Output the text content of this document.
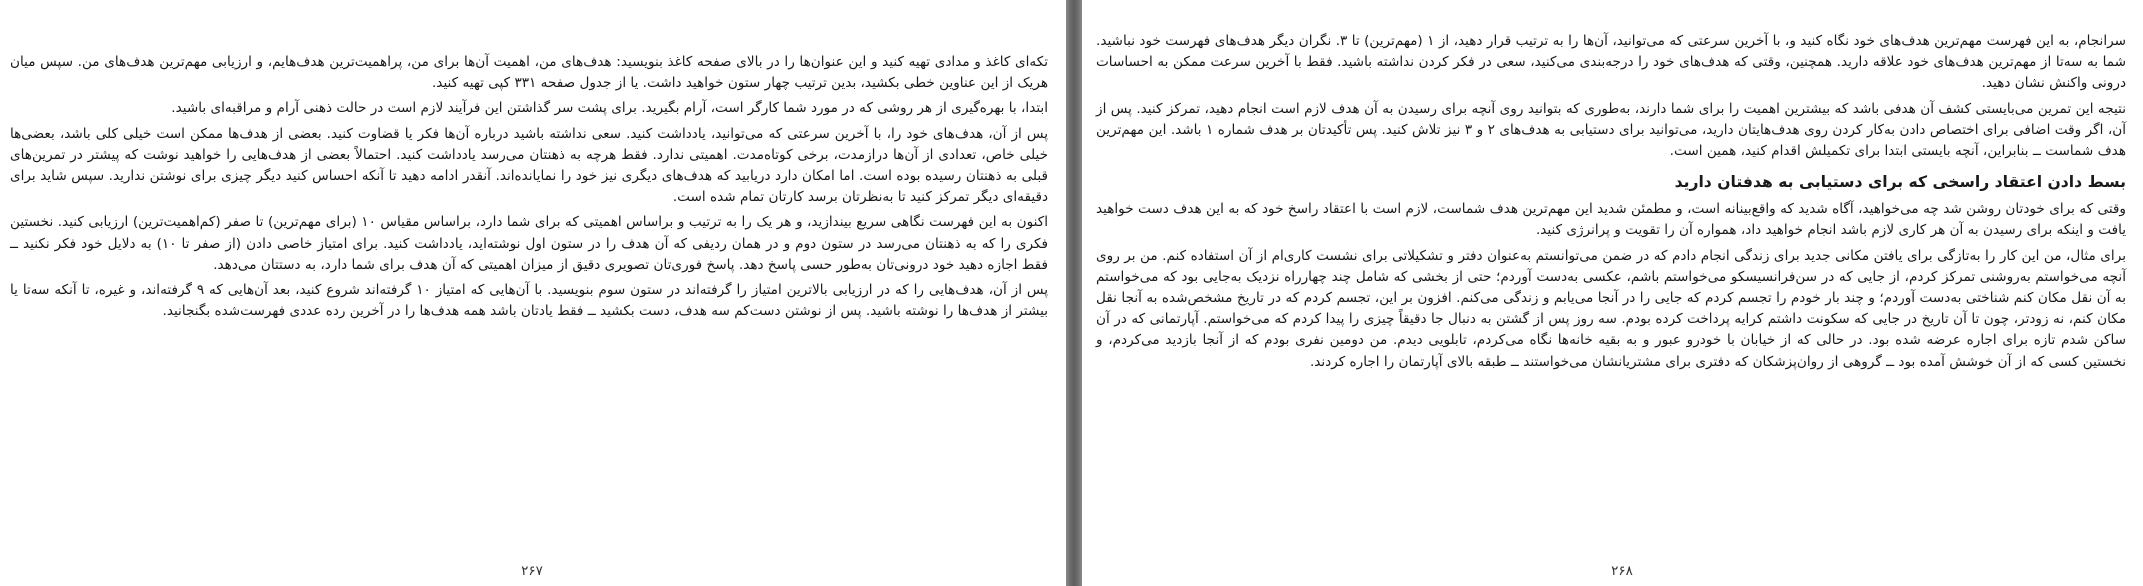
تکه‌ای کاغذ و مدادی تهیه کنید و این عنوان‌ها را در بالای صفحه کاغذ بنویسید: هدف‌های من، اهمیت آن‌ها برای من، پراهمیت‌ترین هدف‌هایم، و ارزیابی مهم‌ترین هدف‌های من. سپس میان هریک از این عناوین خطی بکشید، بدین ترتیب چهار ستون خواهید داشت. یا از جدول صفحه ۳۳۱ کپی تهیه کنید.

ابتدا، با بهره‌گیری از هر روشی که در مورد شما کارگر است، آرام بگیرید. برای پشت سر گذاشتن این فرآیند لازم است در حالت ذهنی آرام و مراقبه‌ای باشید.

پس از آن، هدف‌های خود را، با آخرین سرعتی که می‌توانید، یادداشت کنید. سعی نداشته باشید درباره آن‌ها فکر یا قضاوت کنید. بعضی از هدف‌ها ممکن است خیلی کلی باشد، بعضی‌ها خیلی خاص، تعدادی از آن‌ها درازمدت، برخی کوتاه‌مدت. اهمیتی ندارد. فقط هرچه به ذهنتان می‌رسد یادداشت کنید. احتمالاً بعضی از هدف‌هایی را خواهید نوشت که پیشتر در تمرین‌های قبلی به ذهنتان رسیده بوده است. اما امکان دارد دریابید که هدف‌های دیگری نیز خود را نمایانده‌اند. آنقدر ادامه دهید تا آنکه احساس کنید دیگر چیزی برای نوشتن ندارید. سپس شاید برای دقیقه‌ای دیگر تمرکز کنید تا به‌نظرتان برسد کارتان تمام شده است.

اکنون به این فهرست نگاهی سریع بیندازید، و هر یک را به ترتیب و براساس اهمیتی که برای شما دارد، براساس مقیاس ۱۰ (برای مهم‌ترین) تا صفر (کم‌اهمیت‌ترین) ارزیابی کنید. نخستین فکری را که به ذهنتان می‌رسد در ستون دوم و در همان ردیفی که آن هدف را در ستون اول نوشته‌اید، یادداشت کنید. برای امتیاز خاصی دادن (از صفر تا ۱۰) به دلایل خود فکر نکنید ــ فقط اجازه دهید خود درونی‌تان به‌طور حسی پاسخ دهد. پاسخ فوری‌تان تصویری دقیق از میزان اهمیتی که آن هدف برای شما دارد، به دستتان می‌دهد.

پس از آن، هدف‌هایی را که در ارزیابی بالاترین امتیاز را گرفته‌اند در ستون سوم بنویسید. با آن‌هایی که امتیاز ۱۰ گرفته‌اند شروع کنید، بعد آن‌هایی که ۹ گرفته‌اند، و غیره، تا آنکه سه‌تا یا بیشتر از هدف‌ها را نوشته باشید. پس از نوشتن دست‌کم سه هدف، دست بکشید ــ فقط یادتان باشد همه هدف‌ها را در آخرین رده عددی فهرست‌شده بگنجانید.

۲۶۷

سرانجام، به این فهرست مهم‌ترین هدف‌های خود نگاه کنید و، با آخرین سرعتی که می‌توانید، آن‌ها را به ترتیب قرار دهید، از ۱ (مهم‌ترین) تا ۳. نگران دیگر هدف‌های فهرست خود نباشید. شما به سه‌تا از مهم‌ترین هدف‌های خود علاقه دارید. همچنین، وقتی که هدف‌های خود را درجه‌بندی می‌کنید، سعی در فکر کردن نداشته باشید. فقط با آخرین سرعت ممکن به احساسات درونی واکنش نشان دهید.

نتیجه این تمرین می‌بایستی کشف آن هدفی باشد که بیشترین اهمیت را برای شما دارند، به‌طوری که بتوانید روی آنچه برای رسیدن به آن هدف لازم است انجام دهید، تمرکز کنید. پس از آن، اگر وقت اضافی برای اختصاص دادن به‌کار کردن روی هدف‌هایتان دارید، می‌توانید برای دستیابی به هدف‌های ۲ و ۳ نیز تلاش کنید. پس تأکیدتان بر هدف شماره ۱ باشد. این مهم‌ترین هدف شماست ــ بنابراین، آنچه بایستی ابتدا برای تکمیلش اقدام کنید، همین است.

بسط دادن اعتقاد راسخی که برای دستیابی به هدفتان دارید

وقتی که برای خودتان روشن شد چه می‌خواهید، آگاه شدید که واقع‌بینانه است، و مطمئن شدید این مهم‌ترین هدف شماست، لازم است با اعتقاد راسخ خود که به این هدف دست خواهید یافت و اینکه برای رسیدن به آن هر کاری لازم باشد انجام خواهید داد، همواره آن را تقویت و پرانرژی کنید.

برای مثال، من این کار را به‌تازگی برای یافتن مکانی جدید برای زندگی انجام دادم که در ضمن می‌توانستم به‌عنوان دفتر و تشکیلاتی برای نشست کاری‌ام از آن استفاده کنم. من بر روی آنچه می‌خواستم به‌روشنی تمرکز کردم، از جایی که در سن‌فرانسیسکو می‌خواستم باشم، عکسی به‌دست آوردم؛ حتی از بخشی که شامل چند چهارراه نزدیک به‌جایی بود که می‌خواستم به آن نقل مکان کنم شناختی به‌دست آوردم؛ و چند بار خودم را تجسم کردم که جایی را در آنجا می‌یابم و زندگی می‌کنم. افزون بر این، تجسم کردم که در تاریخ مشخص‌شده به آنجا نقل مکان کنم، نه زودتر، چون تا آن تاریخ در جایی که سکونت داشتم کرایه پرداخت کرده بودم. سه روز پس از گشتن به دنبال جا دقیقاً چیزی را پیدا کردم که می‌خواستم. آپارتمانی که در آن ساکن شدم تازه برای اجاره عرضه شده بود. در حالی که از خیابان با خودرو عبور و به بقیه خانه‌ها نگاه می‌کردم، تابلویی دیدم. من دومین نفری بودم که از آنجا بازدید می‌کردم، و نخستین کسی که از آن خوشش آمده بود ــ گروهی از روان‌پزشکان که دفتری برای مشتریانشان می‌خواستند ــ طبقه بالای آپارتمان را اجاره کردند.

۲۶۸
